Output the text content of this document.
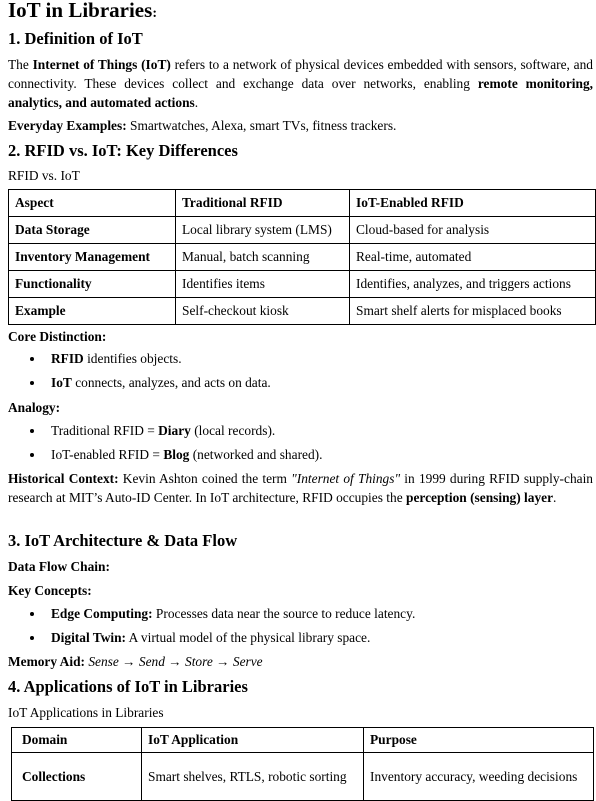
IoT in Libraries:
1. Definition of IoT

The Internet of Things (IoT) refers to a network of physical devices embedded with sensors, software, and connectivity. These devices collect and exchange data over networks, enabling remote monitoring, analytics, and automated actions.

Everyday Examples: Smartwatches, Alexa, smart TVs, fitness trackers.

2. RFID vs. IoT: Key Differences

RFID vs. IoT

Aspect	Traditional RFID	IoT-Enabled RFID
Data Storage	Local library system (LMS)	Cloud-based for analysis
Inventory Management	Manual, batch scanning	Real-time, automated
Functionality	Identifies items	Identifies, analyzes, and triggers actions
Example	Self-checkout kiosk	Smart shelf alerts for misplaced books

Core Distinction:

RFID identifies objects.
IoT connects, analyzes, and acts on data.

Analogy:

Traditional RFID = Diary (local records).
IoT-enabled RFID = Blog (networked and shared).

Historical Context: Kevin Ashton coined the term "Internet of Things" in 1999 during RFID supply-chain research at MIT’s Auto-ID Center. In IoT architecture, RFID occupies the perception (sensing) layer.

3. IoT Architecture & Data Flow

Data Flow Chain:

Key Concepts:

Edge Computing: Processes data near the source to reduce latency.
Digital Twin: A virtual model of the physical library space.

Memory Aid: Sense → Send → Store → Serve

4. Applications of IoT in Libraries

IoT Applications in Libraries

Domain	IoT Application	Purpose
Collections	Smart shelves, RTLS, robotic sorting	Inventory accuracy, weeding decisions
